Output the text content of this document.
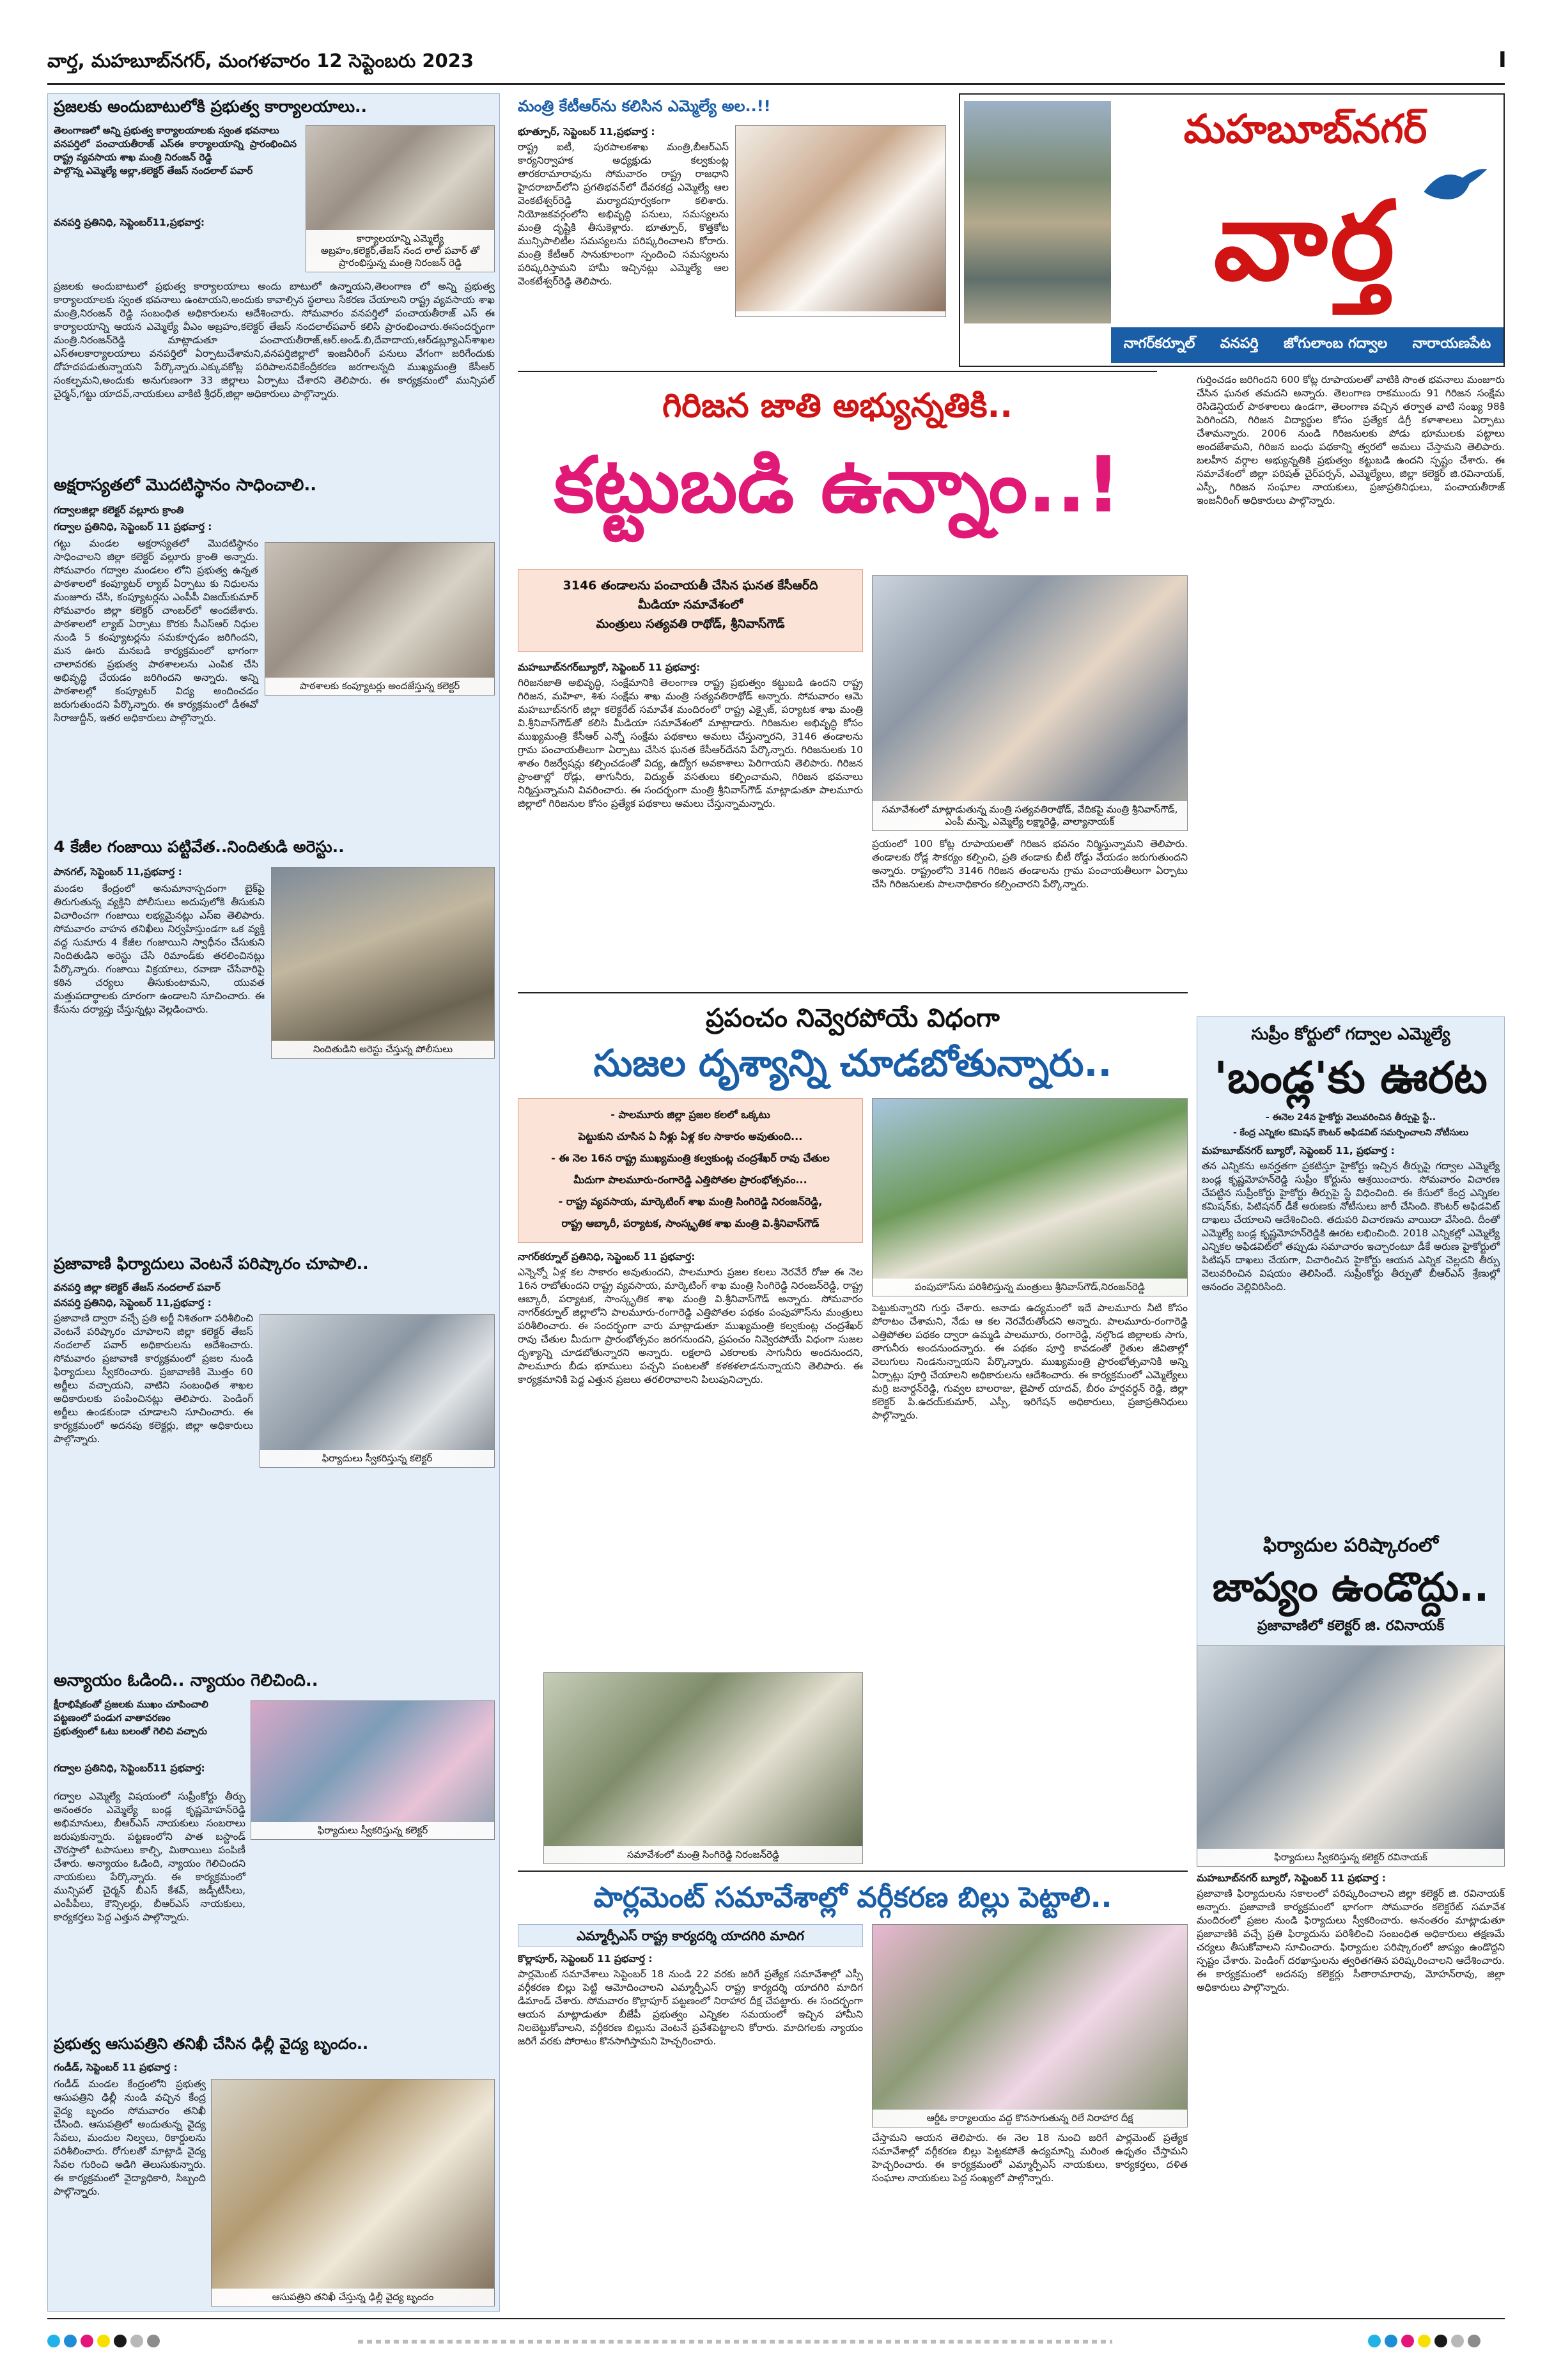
వార్త, మహబూబ్‌నగర్, మంగళవారం 12 సెప్టెంబరు 2023	I
ప్రజలకు అందుబాటులోకి ప్రభుత్వ కార్యాలయాలు..
తెలంగాణలో అన్ని ప్రభుత్వ కార్యాలయాలకు స్వంత భవనాలు
వనపర్తిలో పంచాయతీరాజ్ ఎస్ఈ కార్యాలయాన్ని ప్రారంభించిన రాష్ట్ర వ్యవసాయ శాఖ మంత్రి నిరంజన్ రెడ్డి
పాల్గొన్న ఎమ్మెల్యే ఆల్లా,కలెక్టర్ తేజస్ నందలాల్ పవార్
కార్యాలయాన్ని ఎమ్మెల్యే
అబ్రహం,కలెక్టర్,తేజస్ నంద లాల్ పవార్ తో ప్రారంభిస్తున్న మంత్రి నిరంజన్ రెడ్డి
వనపర్తి ప్రతినిధి, సెప్టెంబర్11,ప్రభవార్త:
ప్రజలకు అందుబాటులో ప్రభుత్వ కార్యాలయాలు అందు బాటులో ఉన్నాయని,తెలంగాణ లో అన్ని ప్రభుత్వ కార్యాలయాలకు స్వంత భవనాలు ఉంటాయని,అందుకు కావాల్సిన స్థలాలు సేకరణ చేయాలని రాష్ట్ర వ్యవసాయ శాఖ మంత్రి,నిరంజన్ రెడ్డి సంబంధిత అధికారులను ఆదేశించారు. సోమవారం వనపర్తిలో పంచాయతీరాజ్ ఎస్ ఈ కార్యాలయాన్ని ఆయన ఎమ్మెల్యే వీఎం అబ్రహం,కలెక్టర్ తేజస్ నందలాల్‌పవార్ కలిసి ప్రారంభించారు.ఈసందర్భంగా మంత్రి.నిరంజన్‌రెడ్డి మాట్లాడుతూ పంచాయతీరాజ్,ఆర్.అండ్.బి,దేవాదాయ,ఆర్‌డబ్ల్యూఎస్‌శాఖల ఎస్ఈలకార్యాలయాలు వనపర్తిలో ఏర్పాటుచేశామని,వనపర్తిజిల్లాలో ఇంజనీరింగ్ పనులు వేగంగా జరిగేందుకు దోహదపడుతున్నాయని పేర్కొన్నారు.ఎక్కువకోట్ల పరిపాలనవికేంద్రీకరణ జరగాలన్నది ముఖ్యమంత్రి కేసీఆర్ సంకల్పమని,అందుకు అనుగుణంగా 33 జిల్లాలు ఏర్పాటు చేశారని తెలిపారు. ఈ కార్యక్రమంలో మున్సిపల్ చైర్మన్,గట్టు యాదవ్,నాయకులు వాకిటి శ్రీధర్,జిల్లా అధికారులు పాల్గొన్నారు.
అక్షరాస్యతలో మొదటిస్థానం సాధించాలి..
గద్వాలజిల్లా కలెక్టర్ వల్లూరు క్రాంతి
గద్వాల ప్రతినిధి, సెప్టెంబర్ 11 ప్రభవార్త :
పాఠశాలకు కంప్యూటర్లు అందజేస్తున్న కలెక్టర్
గట్టు మండల అక్షరాస్యతలో మొదటిస్థానం సాధించాలని జిల్లా కలెక్టర్ వల్లూరు క్రాంతి అన్నారు. సోమవారం గద్వాల మండలం లోని ప్రభుత్వ ఉన్నత పాఠశాలలో కంప్యూటర్ ల్యాబ్ ఏర్పాటు కు నిధులను మంజూరు చేసి, కంప్యూటర్లను ఎంపీపీ విజయ్‌కుమార్ సోమవారం జిల్లా కలెక్టర్ చాంబర్‌లో అందజేశారు. పాఠశాలలో ల్యాబ్ ఏర్పాటు కొరకు సీఎస్ఆర్ నిధుల నుండి 5 కంప్యూటర్లను సమకూర్చడం జరిగిందని, మన ఊరు మనబడి కార్యక్రమంలో భాగంగా చాలావరకు ప్రభుత్వ పాఠశాలలను ఎంపిక చేసి అభివృద్ధి చేయడం జరిగిందని అన్నారు. అన్ని పాఠశాలల్లో కంప్యూటర్ విద్య అందించడం జరుగుతుందని పేర్కొన్నారు. ఈ కార్యక్రమంలో డీఈవో సిరాజుద్దీన్, ఇతర అధికారులు పాల్గొన్నారు.
4 కేజీల గంజాయి పట్టివేత..నిందితుడి అరెస్టు..
పానగల్, సెప్టెంబర్ 11,ప్రభవార్త :
మండల కేంద్రంలో అనుమానాస్పదంగా బైక్‌పై తిరుగుతున్న వ్యక్తిని పోలీసులు అదుపులోకి తీసుకుని విచారించగా గంజాయి లభ్యమైనట్లు ఎస్ఐ తెలిపారు. సోమవారం వాహన తనిఖీలు నిర్వహిస్తుండగా ఒక వ్యక్తి వద్ద సుమారు 4 కేజీల గంజాయిని స్వాధీనం చేసుకుని నిందితుడిని అరెస్టు చేసి రిమాండ్‌కు తరలించినట్లు పేర్కొన్నారు. గంజాయి విక్రయాలు, రవాణా చేసేవారిపై కఠిన చర్యలు తీసుకుంటామని, యువత మత్తుపదార్థాలకు దూరంగా ఉండాలని సూచించారు. ఈ కేసును దర్యాప్తు చేస్తున్నట్లు వెల్లడించారు.
నిందితుడిని అరెస్టు చేస్తున్న పోలీసులు
ప్రజావాణి ఫిర్యాదులు వెంటనే పరిష్కారం చూపాలి..
వనపర్తి జిల్లా కలెక్టర్ తేజస్ నందలాల్ పవార్
వనపర్తి ప్రతినిధి, సెప్టెంబర్ 11,ప్రభవార్త :
ప్రజావాణి ద్వారా వచ్చే ప్రతి అర్జీ నిశితంగా పరిశీలించి వెంటనే పరిష్కారం చూపాలని జిల్లా కలెక్టర్ తేజస్ నందలాల్ పవార్ అధికారులను ఆదేశించారు. సోమవారం ప్రజావాణి కార్యక్రమంలో ప్రజల నుండి ఫిర్యాదులు స్వీకరించారు. ప్రజావాణికి మొత్తం 60 అర్జీలు వచ్చాయని, వాటిని సంబంధిత శాఖల అధికారులకు పంపించినట్లు తెలిపారు. పెండింగ్ అర్జీలు ఉండకుండా చూడాలని సూచించారు. ఈ కార్యక్రమంలో అదనపు కలెక్టర్లు, జిల్లా అధికారులు పాల్గొన్నారు.
ఫిర్యాదులు స్వీకరిస్తున్న కలెక్టర్
అన్యాయం ఓడింది.. న్యాయం గెలిచింది..
క్షీరాభిషేకంతో ప్రజలకు ముఖం చూపించాలి
పట్టణంలో పండుగ వాతావరణం
ప్రభుత్వంలో ఓటు బలంతో గెలిచి వచ్చారు
గద్వాల ప్రతినిధి, సెప్టెంబర్11 ప్రభవార్త:
గద్వాల ఎమ్మెల్యే విషయంలో సుప్రీంకోర్టు తీర్పు అనంతరం ఎమ్మెల్యే బండ్ల కృష్ణమోహన్‌రెడ్డి అభిమానులు, బీఆర్ఎస్ నాయకులు సంబరాలు జరుపుకున్నారు. పట్టణంలోని పాత బస్టాండ్ చౌరస్తాలో టపాసులు కాల్చి, మిఠాయిలు పంపిణీ చేశారు. అన్యాయం ఓడింది, న్యాయం గెలిచిందని నాయకులు పేర్కొన్నారు. ఈ కార్యక్రమంలో మున్సిపల్ చైర్మన్ బీఎస్ కేశవ్, జడ్పీటీసీలు, ఎంపీపీలు, కౌన్సిలర్లు, బీఆర్ఎస్ నాయకులు, కార్యకర్తలు పెద్ద ఎత్తున పాల్గొన్నారు.
ఫిర్యాదులు స్వీకరిస్తున్న కలెక్టర్
ప్రభుత్వ ఆసుపత్రిని తనిఖీ చేసిన ఢిల్లీ వైద్య బృందం..
గండీడ్, సెప్టెంబర్ 11 ప్రభవార్త :
గండీడ్ మండల కేంద్రంలోని ప్రభుత్వ ఆసుపత్రిని ఢిల్లీ నుండి వచ్చిన కేంద్ర వైద్య బృందం సోమవారం తనిఖీ చేసింది. ఆసుపత్రిలో అందుతున్న వైద్య సేవలు, మందుల నిల్వలు, రికార్డులను పరిశీలించారు. రోగులతో మాట్లాడి వైద్య సేవల గురించి అడిగి తెలుసుకున్నారు. ఈ కార్యక్రమంలో వైద్యాధికారి, సిబ్బంది పాల్గొన్నారు.
ఆసుపత్రిని తనిఖీ చేస్తున్న ఢిల్లీ వైద్య బృందం
మంత్రి కేటీఆర్‌ను కలిసిన ఎమ్మెల్యే అల..!!
భూత్పూర్, సెప్టెంబర్ 11,ప్రభవార్త :
రాష్ట్ర ఐటీ, పురపాలకశాఖ మంత్రి,బీఆర్ఎస్ కార్యనిర్వాహక అధ్యక్షుడు కల్వకుంట్ల తారకరామారావును సోమవారం రాష్ట్ర రాజధాని హైదరాబాద్‌లోని ప్రగతిభవన్‌లో దేవరకద్ర ఎమ్మెల్యే ఆల వెంకటేశ్వర్‌రెడ్డి మర్యాదపూర్వకంగా కలిశారు. నియోజకవర్గంలోని అభివృద్ధి పనులు, సమస్యలను మంత్రి దృష్టికి తీసుకెళ్లారు. భూత్పూర్, కొత్తకోట మున్సిపాలిటీల సమస్యలను పరిష్కరించాలని కోరారు. మంత్రి కేటీఆర్ సానుకూలంగా స్పందించి సమస్యలను పరిష్కరిస్తామని హామీ ఇచ్చినట్లు ఎమ్మెల్యే ఆల వెంకటేశ్వర్‌రెడ్డి తెలిపారు.
మహబూబ్‌నగర్
వార్త
నాగర్‌కర్నూల్ వనపర్తి జోగులాంబ గద్వాల నారాయణపేట
గిరిజన జాతి అభ్యున్నతికి..
కట్టుబడి ఉన్నాం..!
3146 తండాలను పంచాయతీ చేసిన ఘనత కేసీఆర్‌ది
మీడియా సమావేశంలో
మంత్రులు సత్యవతి రాథోడ్, శ్రీనివాస్‌గౌడ్
మహబూబ్‌నగర్‌బ్యూరో, సెప్టెంబర్ 11 ప్రభవార్త:
గిరిజనజాతి అభివృద్ధి, సంక్షేమానికి తెలంగాణ రాష్ట్ర ప్రభుత్వం కట్టుబడి ఉందని రాష్ట్ర గిరిజన, మహిళా, శిశు సంక్షేమ శాఖ మంత్రి సత్యవతిరాథోడ్ అన్నారు. సోమవారం ఆమె మహబూబ్‌నగర్ జిల్లా కలెక్టరేట్ సమావేశ మందిరంలో రాష్ట్ర ఎక్సైజ్, పర్యాటక శాఖ మంత్రి వి.శ్రీనివాస్‌గౌడ్‌తో కలిసి మీడియా సమావేశంలో మాట్లాడారు. గిరిజనుల అభివృద్ధి కోసం ముఖ్యమంత్రి కేసీఆర్ ఎన్నో సంక్షేమ పథకాలు అమలు చేస్తున్నారని, 3146 తండాలను గ్రామ పంచాయతీలుగా ఏర్పాటు చేసిన ఘనత కేసీఆర్‌దేనని పేర్కొన్నారు. గిరిజనులకు 10 శాతం రిజర్వేషన్లు కల్పించడంతో విద్య, ఉద్యోగ అవకాశాలు పెరిగాయని తెలిపారు. గిరిజన ప్రాంతాల్లో రోడ్లు, తాగునీరు, విద్యుత్ వసతులు కల్పించామని, గిరిజన భవనాలు నిర్మిస్తున్నామని వివరించారు. ఈ సందర్భంగా మంత్రి శ్రీనివాస్‌గౌడ్ మాట్లాడుతూ పాలమూరు జిల్లాలో గిరిజనుల కోసం ప్రత్యేక పథకాలు అమలు చేస్తున్నామన్నారు.	సమావేశంలో మాట్లాడుతున్న మంత్రి సత్యవతిరాథోడ్, వేదికపై మంత్రి శ్రీనివాస్‌గౌడ్, ఎంపీ మన్నె, ఎమ్మెల్యే లక్ష్మారెడ్డి, వాల్యానాయక్
ప్రయంలో 100 కోట్ల రూపాయలతో గిరిజన భవనం నిర్మిస్తున్నామని తెలిపారు. తండాలకు రోడ్ల సౌకర్యం కల్పించి, ప్రతి తండాకు బీటీ రోడ్డు వేయడం జరుగుతుందని అన్నారు. రాష్ట్రంలోని 3146 గిరిజన తండాలను గ్రామ పంచాయతీలుగా ఏర్పాటు చేసి గిరిజనులకు పాలనాధికారం కల్పించారని పేర్కొన్నారు.
గుర్తించడం జరిగిందని 600 కోట్ల రూపాయలతో వాటికి సొంత భవనాలు మంజూరు చేసిన ఘనత తమదని అన్నారు. తెలంగాణ రాకముందు 91 గిరిజన సంక్షేమ రెసిడెన్షియల్ పాఠశాలలు ఉండగా, తెలంగాణ వచ్చిన తర్వాత వాటి సంఖ్య 98కి పెరిగిందని, గిరిజన విద్యార్థుల కోసం ప్రత్యేక డిగ్రీ కళాశాలలు ఏర్పాటు చేశామన్నారు. 2006 నుండి గిరిజనులకు పోడు భూములకు పట్టాలు అందజేశామని, గిరిజన బంధు పథకాన్ని త్వరలో అమలు చేస్తామని తెలిపారు. బలహీన వర్గాల అభ్యున్నతికి ప్రభుత్వం కట్టుబడి ఉందని స్పష్టం చేశారు. ఈ సమావేశంలో జిల్లా పరిషత్ చైర్‌పర్సన్, ఎమ్మెల్యేలు, జిల్లా కలెక్టర్ జి.రవినాయక్, ఎస్పీ, గిరిజన సంఘాల నాయకులు, ప్రజాప్రతినిధులు, పంచాయతీరాజ్ ఇంజనీరింగ్ అధికారులు పాల్గొన్నారు.
ప్రపంచం నివ్వెరపోయే విధంగా
సుజల దృశ్యాన్ని చూడబోతున్నారు..
- పాలమూరు జిల్లా ప్రజల కలలో ఒక్కటు
పెట్టుకుని చూసిన ఏ నీళ్లు ఏళ్ల కల సాకారం అవుతుంది...
- ఈ నెల 16న రాష్ట్ర ముఖ్యమంత్రి కల్వకుంట్ల చంద్రశేఖర్ రావు చేతుల
మీదుగా పాలమూరు-రంగారెడ్డి ఎత్తిపోతల ప్రారంభోత్సవం...
- రాష్ట్ర వ్యవసాయ, మార్కెటింగ్ శాఖ మంత్రి సింగిరెడ్డి నిరంజన్‌రెడ్డి,
రాష్ట్ర ఆబ్కారీ, పర్యాటక, సాంస్కృతిక శాఖ మంత్రి వి.శ్రీనివాస్‌గౌడ్
పంపుహౌస్‌ను పరిశీలిస్తున్న మంత్రులు శ్రీనివాస్‌గౌడ్,నిరంజన్‌రెడ్డి
నాగర్‌కర్నూల్ ప్రతినిధి, సెప్టెంబర్ 11 ప్రభవార్త:
ఎన్నెన్నో ఏళ్ల కల సాకారం అవుతుందని, పాలమూరు ప్రజల కలలు నెరవేరే రోజు ఈ నెల 16న రాబోతుందని రాష్ట్ర వ్యవసాయ, మార్కెటింగ్ శాఖ మంత్రి సింగిరెడ్డి నిరంజన్‌రెడ్డి, రాష్ట్ర ఆబ్కారీ, పర్యాటక, సాంస్కృతిక శాఖ మంత్రి వి.శ్రీనివాస్‌గౌడ్ అన్నారు. సోమవారం నాగర్‌కర్నూల్ జిల్లాలోని పాలమూరు-రంగారెడ్డి ఎత్తిపోతల పథకం పంపుహౌస్‌ను మంత్రులు పరిశీలించారు. ఈ సందర్భంగా వారు మాట్లాడుతూ ముఖ్యమంత్రి కల్వకుంట్ల చంద్రశేఖర్ రావు చేతుల మీదుగా ప్రారంభోత్సవం జరగనుందని, ప్రపంచం నివ్వెరపోయే విధంగా సుజల దృశ్యాన్ని చూడబోతున్నారని అన్నారు. లక్షలాది ఎకరాలకు సాగునీరు అందనుందని, పాలమూరు బీడు భూములు పచ్చని పంటలతో కళకళలాడనున్నాయని తెలిపారు. ఈ కార్యక్రమానికి పెద్ద ఎత్తున ప్రజలు తరలిరావాలని పిలుపునిచ్చారు.
పెట్టుకున్నారని గుర్తు చేశారు. ఆనాడు ఉద్యమంలో ఇదే పాలమూరు నీటి కోసం పోరాటం చేశామని, నేడు ఆ కల నెరవేరుతోందని అన్నారు. పాలమూరు-రంగారెడ్డి ఎత్తిపోతల పథకం ద్వారా ఉమ్మడి పాలమూరు, రంగారెడ్డి, నల్గొండ జిల్లాలకు సాగు, తాగునీరు అందనుందన్నారు. ఈ పథకం పూర్తి కావడంతో రైతుల జీవితాల్లో వెలుగులు నిండనున్నాయని పేర్కొన్నారు. ముఖ్యమంత్రి ప్రారంభోత్సవానికి అన్ని ఏర్పాట్లు పూర్తి చేయాలని అధికారులను ఆదేశించారు. ఈ కార్యక్రమంలో ఎమ్మెల్యేలు మర్రి జనార్దన్‌రెడ్డి, గువ్వల బాలరాజు, జైపాల్ యాదవ్, బీరం హర్షవర్ధన్ రెడ్డి, జిల్లా కలెక్టర్ పి.ఉదయ్‌కుమార్, ఎస్పీ, ఇరిగేషన్ అధికారులు, ప్రజాప్రతినిధులు పాల్గొన్నారు.
సమావేశంలో మంత్రి సింగిరెడ్డి నిరంజన్‌రెడ్డి
సుప్రీం కోర్టులో గద్వాల ఎమ్మెల్యే
'బండ్ల'కు ఊరట
- ఈనెల 24న హైకోర్టు వెలువరించిన తీర్పుపై స్టే..
- కేంద్ర ఎన్నికల కమిషన్ కౌంటర్ అఫిడవిట్ సమర్పించాలని నోటీసులు
మహబూబ్‌నగర్ బ్యూరో, సెప్టెంబర్ 11, ప్రభవార్త :
తన ఎన్నికను అనర్హతగా ప్రకటిస్తూ హైకోర్టు ఇచ్చిన తీర్పుపై గద్వాల ఎమ్మెల్యే బండ్ల కృష్ణమోహన్‌రెడ్డి సుప్రీం కోర్టును ఆశ్రయించారు. సోమవారం విచారణ చేపట్టిన సుప్రీంకోర్టు హైకోర్టు తీర్పుపై స్టే విధించింది. ఈ కేసులో కేంద్ర ఎన్నికల కమిషన్‌కు, పిటిషనర్ డీకే అరుణకు నోటీసులు జారీ చేసింది. కౌంటర్ అఫిడవిట్ దాఖలు చేయాలని ఆదేశించింది. తదుపరి విచారణను వాయిదా వేసింది. దీంతో ఎమ్మెల్యే బండ్ల కృష్ణమోహన్‌రెడ్డికి ఊరట లభించింది. 2018 ఎన్నికల్లో ఎమ్మెల్యే ఎన్నికల అఫిడవిట్‌లో తప్పుడు సమాచారం ఇచ్చారంటూ డీకే అరుణ హైకోర్టులో పిటిషన్ దాఖలు చేయగా, విచారించిన హైకోర్టు ఆయన ఎన్నిక చెల్లదని తీర్పు వెలువరించిన విషయం తెలిసిందే. సుప్రీంకోర్టు తీర్పుతో బీఆర్ఎస్ శ్రేణుల్లో ఆనందం వెల్లివిరిసింది.
ఫిర్యాదుల పరిష్కారంలో
జాప్యం ఉండొద్దు..
ప్రజావాణిలో కలెక్టర్ జి. రవినాయక్
ఫిర్యాదులు స్వీకరిస్తున్న కలెక్టర్ రవినాయక్
మహబూబ్‌నగర్ బ్యూరో, సెప్టెంబర్ 11 ప్రభవార్త :
ప్రజావాణి ఫిర్యాదులను సకాలంలో పరిష్కరించాలని జిల్లా కలెక్టర్ జి. రవినాయక్ అన్నారు. ప్రజావాణి కార్యక్రమంలో భాగంగా సోమవారం కలెక్టరేట్ సమావేశ మందిరంలో ప్రజల నుండి ఫిర్యాదులు స్వీకరించారు. అనంతరం మాట్లాడుతూ ప్రజావాణికి వచ్చే ప్రతి ఫిర్యాదును పరిశీలించి సంబంధిత అధికారులు తక్షణమే చర్యలు తీసుకోవాలని సూచించారు. ఫిర్యాదుల పరిష్కారంలో జాప్యం ఉండొద్దని స్పష్టం చేశారు. పెండింగ్ దరఖాస్తులను త్వరితగతిన పరిష్కరించాలని ఆదేశించారు. ఈ కార్యక్రమంలో అదనపు కలెక్టర్లు సీతారామారావు, మోహన్‌రావు, జిల్లా అధికారులు పాల్గొన్నారు.
పార్లమెంట్ సమావేశాల్లో వర్గీకరణ బిల్లు పెట్టాలి..
ఎమ్మార్పీఎస్ రాష్ట్ర కార్యదర్శి యాదగిరి మాదిగ
కొల్లాపూర్, సెప్టెంబర్ 11 ప్రభవార్త :
పార్లమెంట్ సమావేశాలు సెప్టెంబర్ 18 నుండి 22 వరకు జరిగే ప్రత్యేక సమావేశాల్లో ఎస్సీ వర్గీకరణ బిల్లు పెట్టి ఆమోదించాలని ఎమ్మార్పీఎస్ రాష్ట్ర కార్యదర్శి యాదగిరి మాదిగ డిమాండ్ చేశారు. సోమవారం కొల్లాపూర్ పట్టణంలో నిరాహార దీక్ష చేపట్టారు. ఈ సందర్భంగా ఆయన మాట్లాడుతూ బీజేపీ ప్రభుత్వం ఎన్నికల సమయంలో ఇచ్చిన హామీని నిలబెట్టుకోవాలని, వర్గీకరణ బిల్లును వెంటనే ప్రవేశపెట్టాలని కోరారు. మాదిగలకు న్యాయం జరిగే వరకు పోరాటం కొనసాగిస్తామని హెచ్చరించారు.
ఆర్డీఓ కార్యాలయం వద్ద కొనసాగుతున్న రిలే నిరాహార దీక్ష
చేస్తామని ఆయన తెలిపారు. ఈ నెల 18 నుంచి జరిగే పార్లమెంట్ ప్రత్యేక సమావేశాల్లో వర్గీకరణ బిల్లు పెట్టకపోతే ఉద్యమాన్ని మరింత ఉధృతం చేస్తామని హెచ్చరించారు. ఈ కార్యక్రమంలో ఎమ్మార్పీఎస్ నాయకులు, కార్యకర్తలు, దళిత సంఘాల నాయకులు పెద్ద సంఖ్యలో పాల్గొన్నారు.
